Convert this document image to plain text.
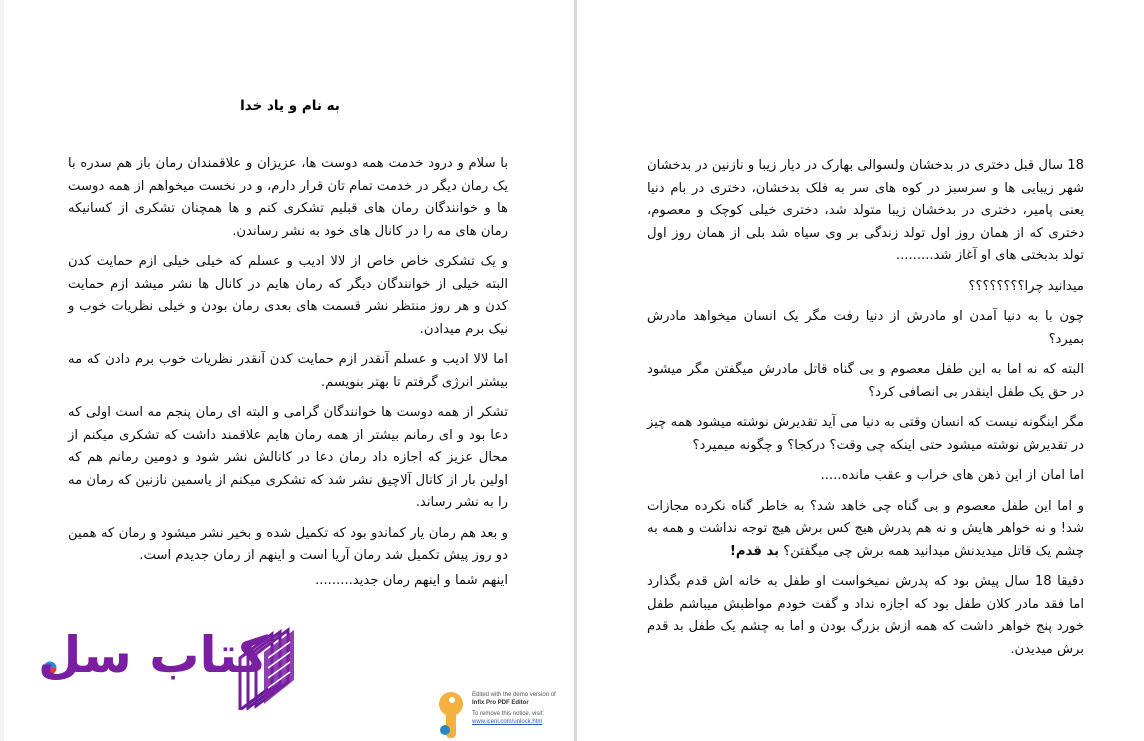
به نام و یاد خدا

با سلام و درود خدمت همه دوست ها، عزیزان و علاقمندان رمان باز هم سدره با یک رمان دیگر در خدمت تمام تان قرار دارم، و در نخست میخواهم از همه دوست ها و خوانندگان رمان های قبلیم تشکری کنم و ها همچنان تشکری از کسانیکه رمان های مه را در کانال های خود به نشر رساندن.

و یک تشکری خاص خاص از لالا ادیب و عسلم که خیلی خیلی ازم حمایت کدن البته خیلی از خوانندگان دیگر که رمان هایم در کانال ها نشر میشد ازم حمایت کدن و هر روز منتظر نشر قسمت های بعدی رمان بودن و خیلی نظریات خوب و نیک برم میدادن.

اما لالا ادیب و عسلم آنقدر ازم حمایت کدن آنقدر نظریات خوب برم دادن که مه بیشتر انرژی گرفتم تا بهتر بنویسم.

تشکر از همه دوست ها خوانندگان گرامی و البته ای رمان پنجم مه است اولی که دعا بود و ای رمانم بیشتر از همه رمان هایم علاقمند داشت که تشکری میکنم از محال عزیز که اجازه داد رمان دعا در کانالش نشر شود و دومین رمانم هم که اولین بار از کانال آلاچیق نشر شد که تشکری میکنم از یاسمین نازنین که رمان مه را به نشر رساند.

و بعد هم رمان یار کماندو بود که تکمیل شده و بخیر نشر میشود و رمان که همین دو روز پیش تکمیل شد رمان آریا است و اینهم از رمان جدیدم است.

اینهم شما و اینهم رمان جدید.........
کتاب سل
Edited with the demo version of
Infix Pro PDF Editor
To remove this notice, visit:
www.iceni.com/unlock.htm

18 سال قبل دختری در بدخشان ولسوالی بهارک در دیار زیبا و نازنین در بدخشان شهر زیبایی ها و سرسبز در کوه های سر به فلک بدخشان، دختری در بام دنیا یعنی پامیر، دختری در بدخشان زیبا متولد شد، دختری خیلی کوچک و معصوم، دختری که از همان روز اول تولد زندگی بر وی سیاه شد بلی از همان روز اول تولد بدبختی های او آغاز شد.........

میدانید چرا؟؟؟؟؟؟؟؟

چون با به دنیا آمدن او مادرش از دنیا رفت مگر یک انسان میخواهد مادرش بمیرد؟

البته که نه اما به این طفل معصوم و بی گناه قاتل مادرش میگفتن مگر میشود در حق یک طفل اینقدر بی انصافی کرد؟

مگر اینگونه نیست که انسان وقتی به دنیا می آید تقدیرش نوشته میشود همه چیز در تقدیرش نوشته میشود حتی اینکه چی وقت؟ درکجا؟ و چگونه میمیرد؟

اما امان از این ذهن های خراب و عقب مانده.....

و اما این طفل معصوم و بی گناه چی خاهد شد؟ به خاطر گناه نکرده مجازات شد! و نه خواهر هایش و نه هم پدرش هیچ کس برش هیچ توجه نداشت و همه به چشم یک قاتل میدیدنش میدانید همه برش چی میگفتن؟ بد قدم!

دقیقا 18 سال پیش بود که پدرش نمیخواست او طفل به خانه اش قدم بگذارد اما فقد مادر کلان طفل بود که اجازه نداد و گفت خودم مواظبش میباشم طفل خورد پنج خواهر داشت که همه ازش بزرگ بودن و اما به چشم یک طفل بد قدم برش میدیدن.
